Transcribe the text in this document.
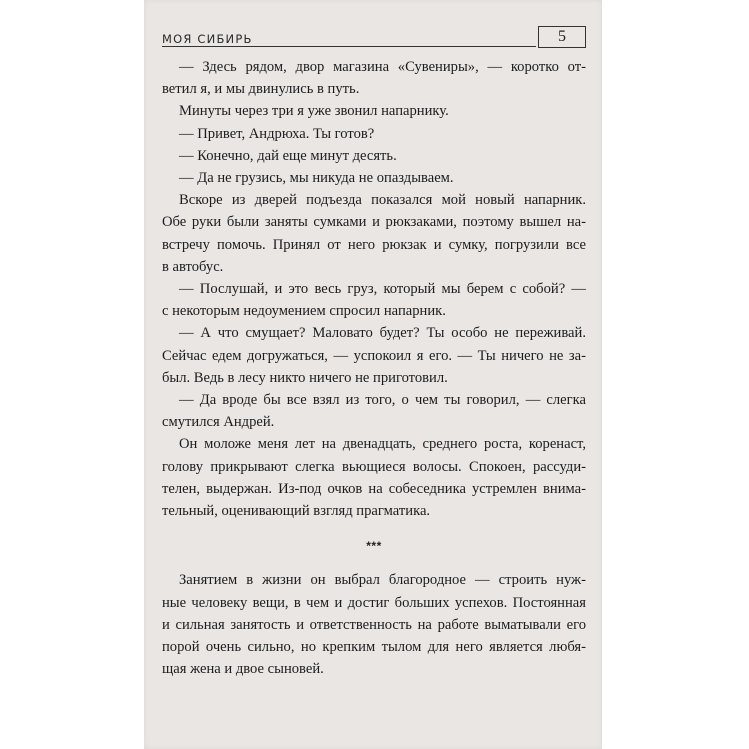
МОЯ СИБИРЬ	5
— Здесь рядом, двор магазина «Сувениры», — коротко от-
ветил я, и мы двинулись в путь.
Минуты через три я уже звонил напарнику.
— Привет, Андрюха. Ты готов?
— Конечно, дай еще минут десять.
— Да не грузись, мы никуда не опаздываем.
Вскоре из дверей подъезда показался мой новый напарник.
Обе руки были заняты сумками и рюкзаками, поэтому вышел на-
встречу помочь. Принял от него рюкзак и сумку, погрузили все
в автобус.
— Послушай, и это весь груз, который мы берем с собой? —
с некоторым недоумением спросил напарник.
— А что смущает? Маловато будет? Ты особо не переживай.
Сейчас едем догружаться, — успокоил я его. — Ты ничего не за-
был. Ведь в лесу никто ничего не приготовил.
— Да вроде бы все взял из того, о чем ты говорил, — слегка
смутился Андрей.
Он моложе меня лет на двенадцать, среднего роста, коренаст,
голову прикрывают слегка вьющиеся волосы. Спокоен, рассуди-
телен, выдержан. Из-под очков на собеседника устремлен внима-
тельный, оценивающий взгляд прагматика.
***
Занятием в жизни он выбрал благородное — строить нуж-
ные человеку вещи, в чем и достиг больших успехов. Постоянная
и сильная занятость и ответственность на работе выматывали его
порой очень сильно, но крепким тылом для него является любя-
щая жена и двое сыновей.
